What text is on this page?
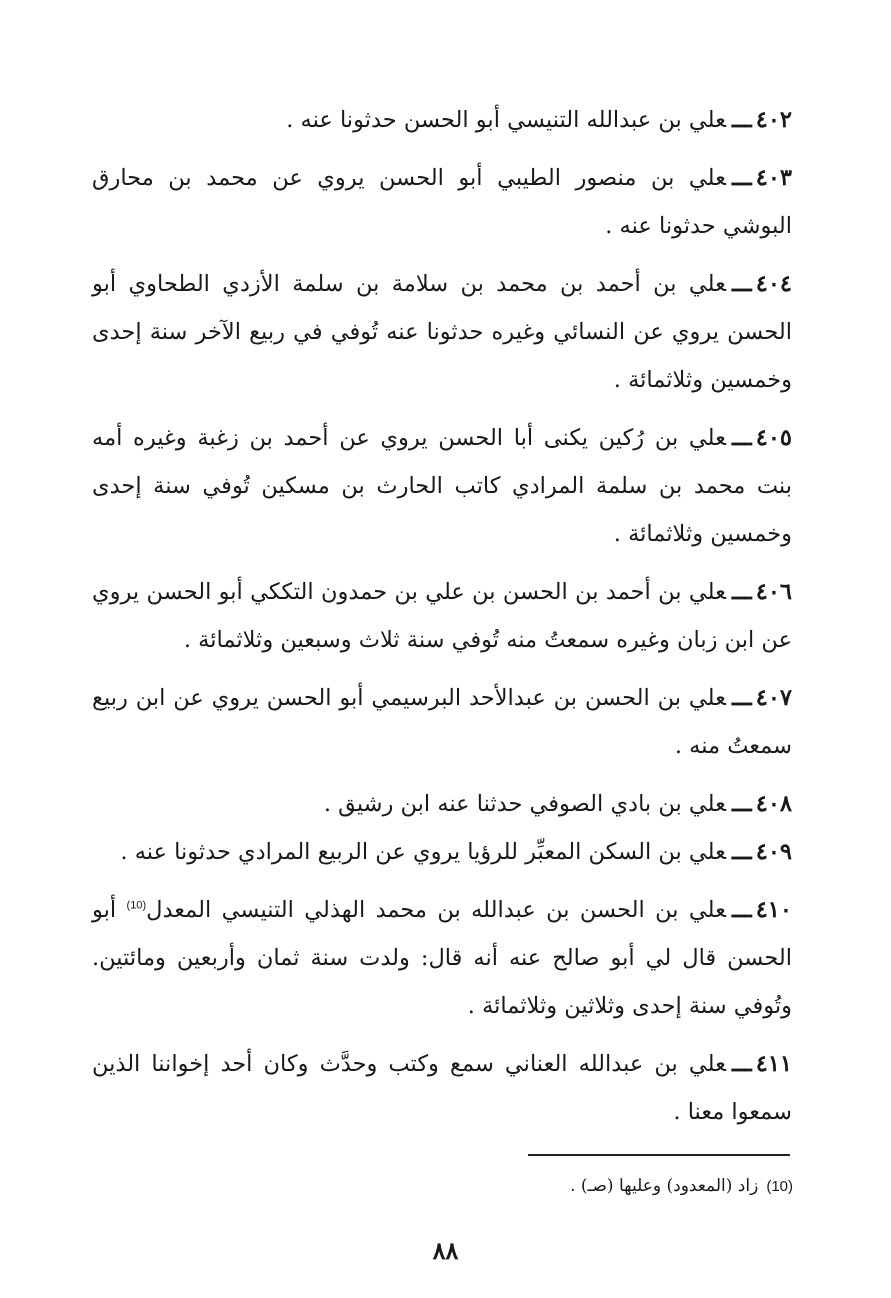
٤٠٢ـــعلي بن عبدالله التنيسي أبو الحسن حدثونا عنه .

٤٠٣ـــعلي بن منصور الطيبي أبو الحسن يروي عن محمد بن محارق البوشي حدثونا عنه .

٤٠٤ـــعلي بن أحمد بن محمد بن سلامة بن سلمة الأزدي الطحاوي أبو الحسن يروي عن النسائي وغيره حدثونا عنه تُوفي في ربيع الآخر سنة إحدى وخمسين وثلاثمائة .

٤٠٥ـــعلي بن رُكين يكنى أبا الحسن يروي عن أحمد بن زغبة وغيره أمه بنت محمد بن سلمة المرادي كاتب الحارث بن مسكين تُوفي سنة إحدى وخمسين وثلاثمائة .

٤٠٦ـــعلي بن أحمد بن الحسن بن علي بن حمدون التككي أبو الحسن يروي عن ابن زبان وغيره سمعتُ منه تُوفي سنة ثلاث وسبعين وثلاثمائة .

٤٠٧ـــعلي بن الحسن بن عبدالأحد البرسيمي أبو الحسن يروي عن ابن ربيع سمعتُ منه .

٤٠٨ـــعلي بن بادي الصوفي حدثنا عنه ابن رشيق .

٤٠٩ـــعلي بن السكن المعبِّر للرؤيا يروي عن الربيع المرادي حدثونا عنه .

٤١٠ـــعلي بن الحسن بن عبدالله بن محمد الهذلي التنيسي المعدل$^{(10)}$ أبو الحسن قال لي أبو صالح عنه أنه قال: ولدت سنة ثمان وأربعين ومائتين. وتُوفي سنة إحدى وثلاثين وثلاثمائة .

٤١١ـــعلي بن عبدالله العناني سمع وكتب وحدَّث وكان أحد إخواننا الذين سمعوا معنا .

(10)زاد (المعدود) وعليها (صـ) .
٨٨
